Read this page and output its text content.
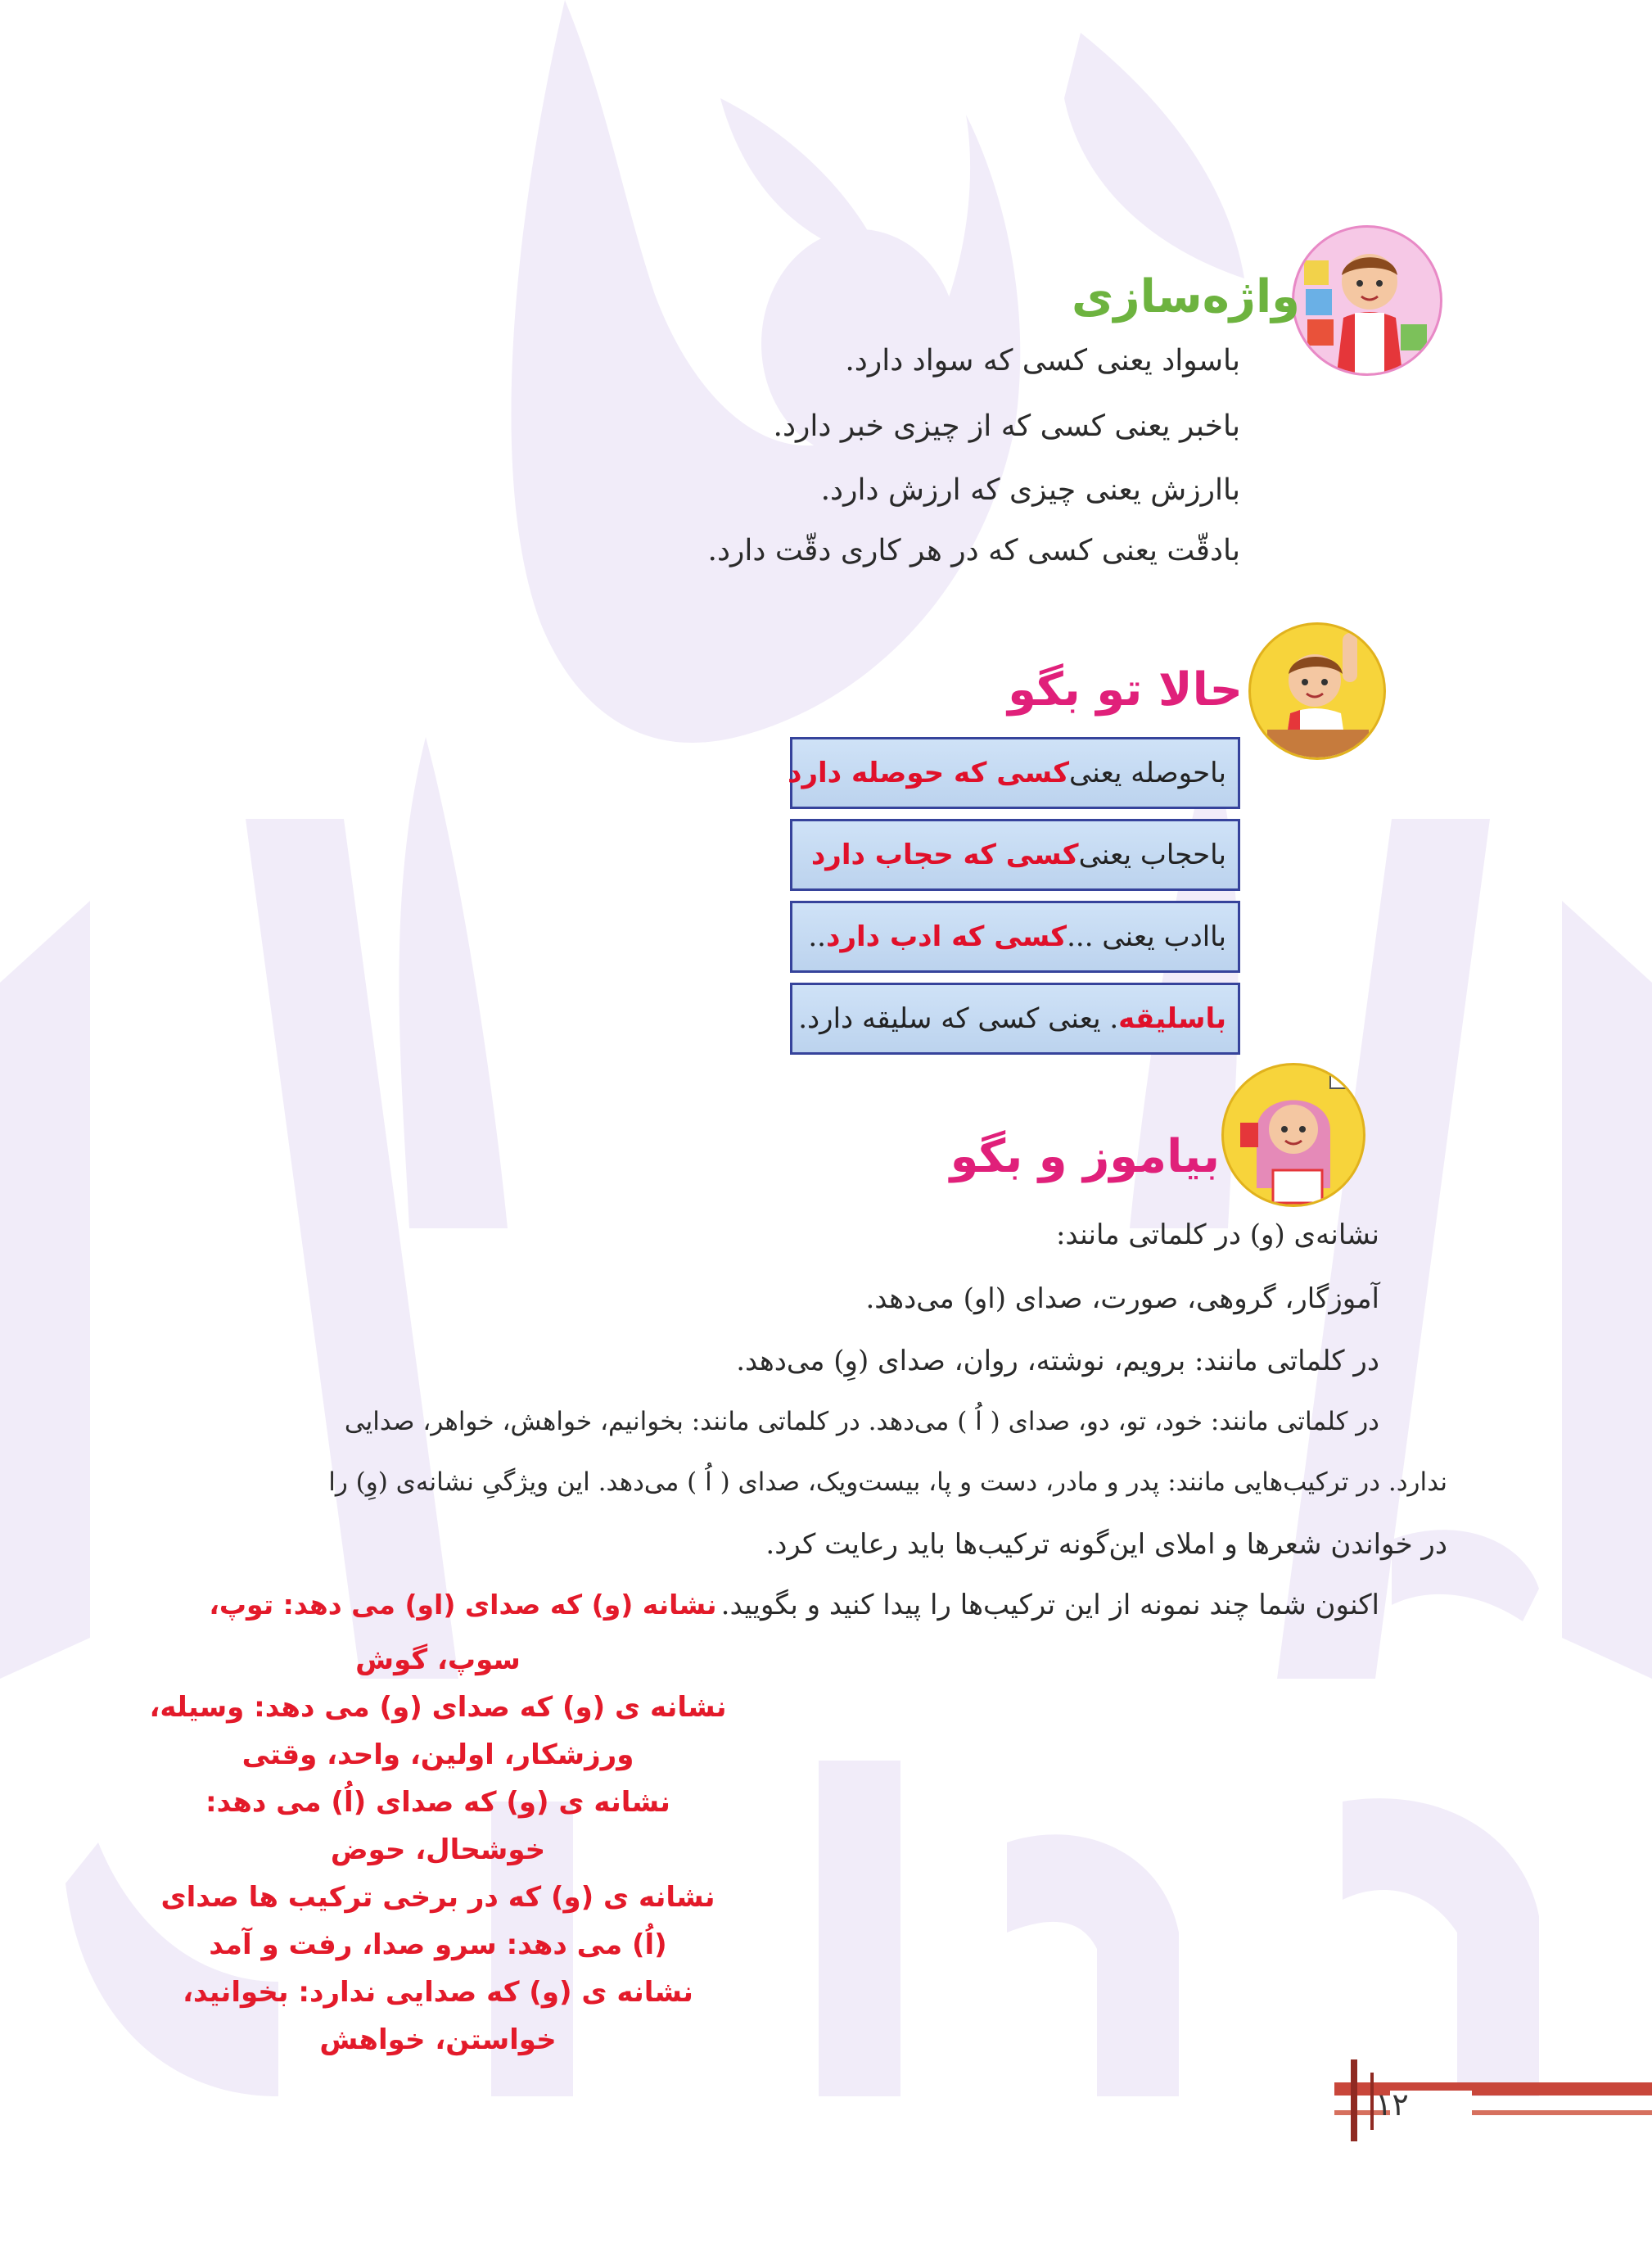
واژه‌سازی
باسواد یعنی کسی که سواد دارد.
باخبر یعنی کسی که از چیزی خبر دارد.
باارزش یعنی چیزی که ارزش دارد.
بادقّت یعنی کسی که در هر کاری دقّت دارد.
حالا تو بگو
باحوصله یعنی
کسی که حوصله دارد
باحجاب یعنی
کسی که حجاب دارد
باادب یعنی ...
کسی که ادب دارد
..
باسلیقه
. یعنی کسی که سلیقه دارد.
بیاموز و بگو
نشانه‌ی (و) در کلماتی مانند:
آموزگار، گروهی، صورت، صدای (او) می‌دهد.
در کلماتی مانند: برویم، نوشته، روان، صدای (وِ) می‌دهد.
در کلماتی مانند: خود، تو، دو، صدای ( اُ ) می‌دهد. در کلماتی مانند: بخوانیم، خواهش، خواهر، صدایی
ندارد. در ترکیب‌هایی مانند: پدر و مادر، دست و پا، بیست‌ویک، صدای ( اُ ) می‌دهد. این ویژگیِ نشانه‌ی (وِ) را
در خواندن شعرها و املای این‌گونه ترکیب‌ها باید رعایت کرد.
اکنون شما چند نمونه از این ترکیب‌ها را پیدا کنید و بگویید. نشانه (و) که صدای (او) می دهد: توپ،
سوپ، گوش
نشانه ی (و) که صدای (و) می دهد: وسیله،
ورزشکار، اولین، واحد، وقتی
نشانه ی (و) که صدای (اُ) می دهد:
خوشحال، حوض
نشانه ی (و) که در برخی ترکیب ها صدای
(اُ) می دهد: سرو صدا، رفت و آمد
نشانه ی (و) که صدایی ندارد: بخوانید،
خواستن، خواهش
۱۲
